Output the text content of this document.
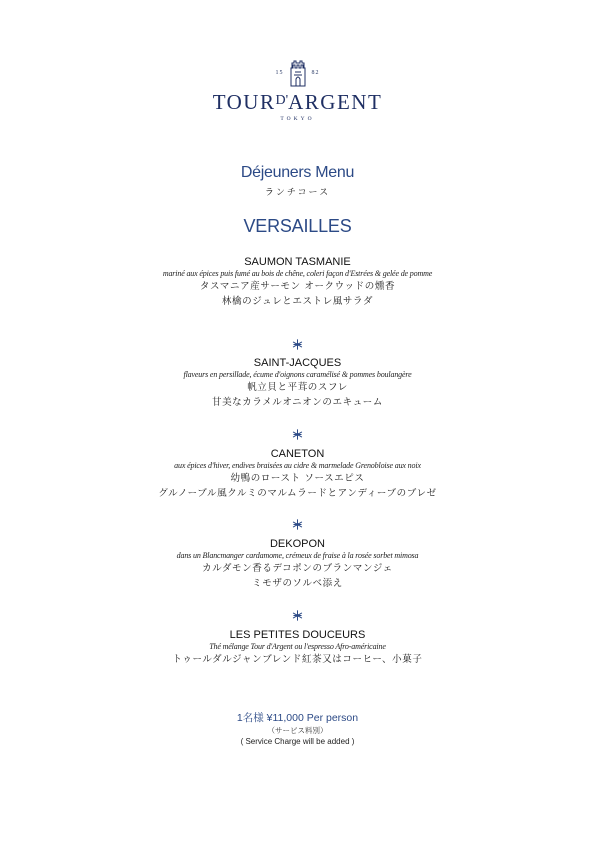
15	82
$TOUR^{D'}ARGENT$
TOKYO
Déjeuners Menu
ランチコース
VERSAILLES
SAUMON TASMANIE
mariné aux épices puis fumé au bois de chêne, coleri façon d'Estrées & gelée de pomme
タスマニア産サーモン オークウッドの燻香
林檎のジュレとエストレ風サラダ
SAINT-JACQUES
flaveurs en persillade, écume d'oignons caramélisé & pommes boulangère
帆立貝と平茸のスフレ
甘美なカラメルオニオンのエキューム
CANETON
aux épices d'hiver, endives braisées au cidre & marmelade Grenobloise aux noix
幼鴨のロースト ソースエピス
グルノーブル風クルミのマルムラードとアンディーブのブレゼ
DEKOPON
dans un Blancmanger cardamome, crémeux de fraise à la rosée sorbet mimosa
カルダモン香るデコポンのブランマンジェ
ミモザのソルベ添え
LES PETITES DOUCEURS
Thé mélange Tour d'Argent ou l'espresso Afro-américaine
トゥールダルジャンブレンド紅茶又はコーヒー、小菓子
1名様 ¥11,000 Per person
（サービス料別）
( Service Charge will be added )
